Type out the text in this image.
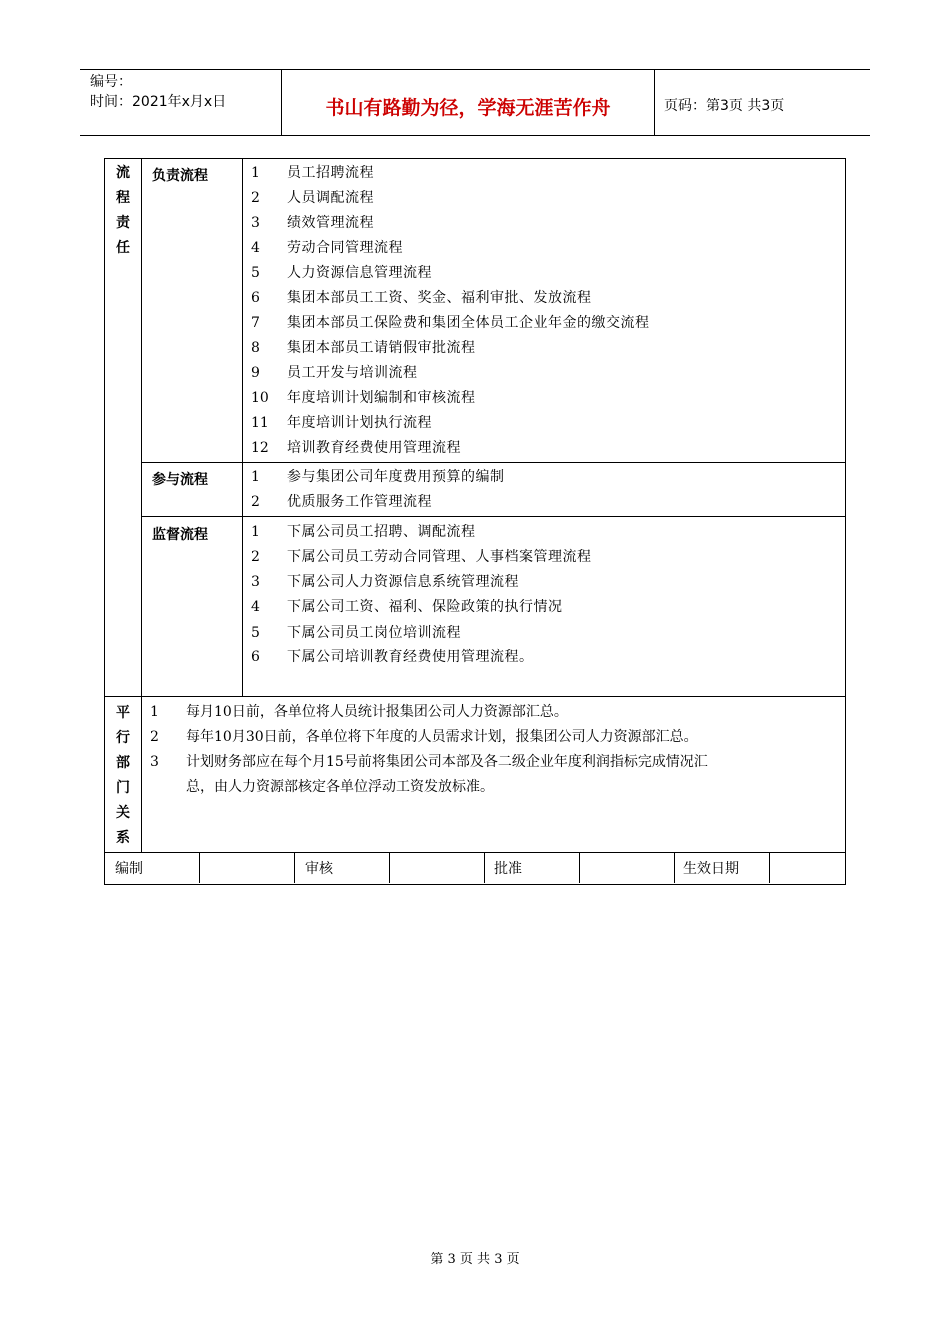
编号：
时间：2021年x月x日	书山有路勤为径，学海无涯苦作舟	页码：第3页 共3页
流
程
责
任
负责流程	1 员工招聘流程
2 人员调配流程
3 绩效管理流程
4 劳动合同管理流程
5 人力资源信息管理流程
6 集团本部员工工资、奖金、福利审批、发放流程
7 集团本部员工保险费和集团全体员工企业年金的缴交流程
8 集团本部员工请销假审批流程
9 员工开发与培训流程
10 年度培训计划编制和审核流程
11 年度培训计划执行流程
12 培训教育经费使用管理流程
参与流程	1 参与集团公司年度费用预算的编制
2 优质服务工作管理流程
监督流程	1 下属公司员工招聘、调配流程
2 下属公司员工劳动合同管理、人事档案管理流程
3 下属公司人力资源信息系统管理流程
4 下属公司工资、福利、保险政策的执行情况
5 下属公司员工岗位培训流程
6 下属公司培训教育经费使用管理流程。
平
行
部
门
关
系
1 每月10日前，各单位将人员统计报集团公司人力资源部汇总。
2 每年10月30日前，各单位将下年度的人员需求计划，报集团公司人力资源部汇总。
3 计划财务部应在每个月15号前将集团公司本部及各二级企业年度利润指标完成情况汇
总，由人力资源部核定各单位浮动工资发放标准。
编制	审核	批准	生效日期
第 3 页 共 3 页
